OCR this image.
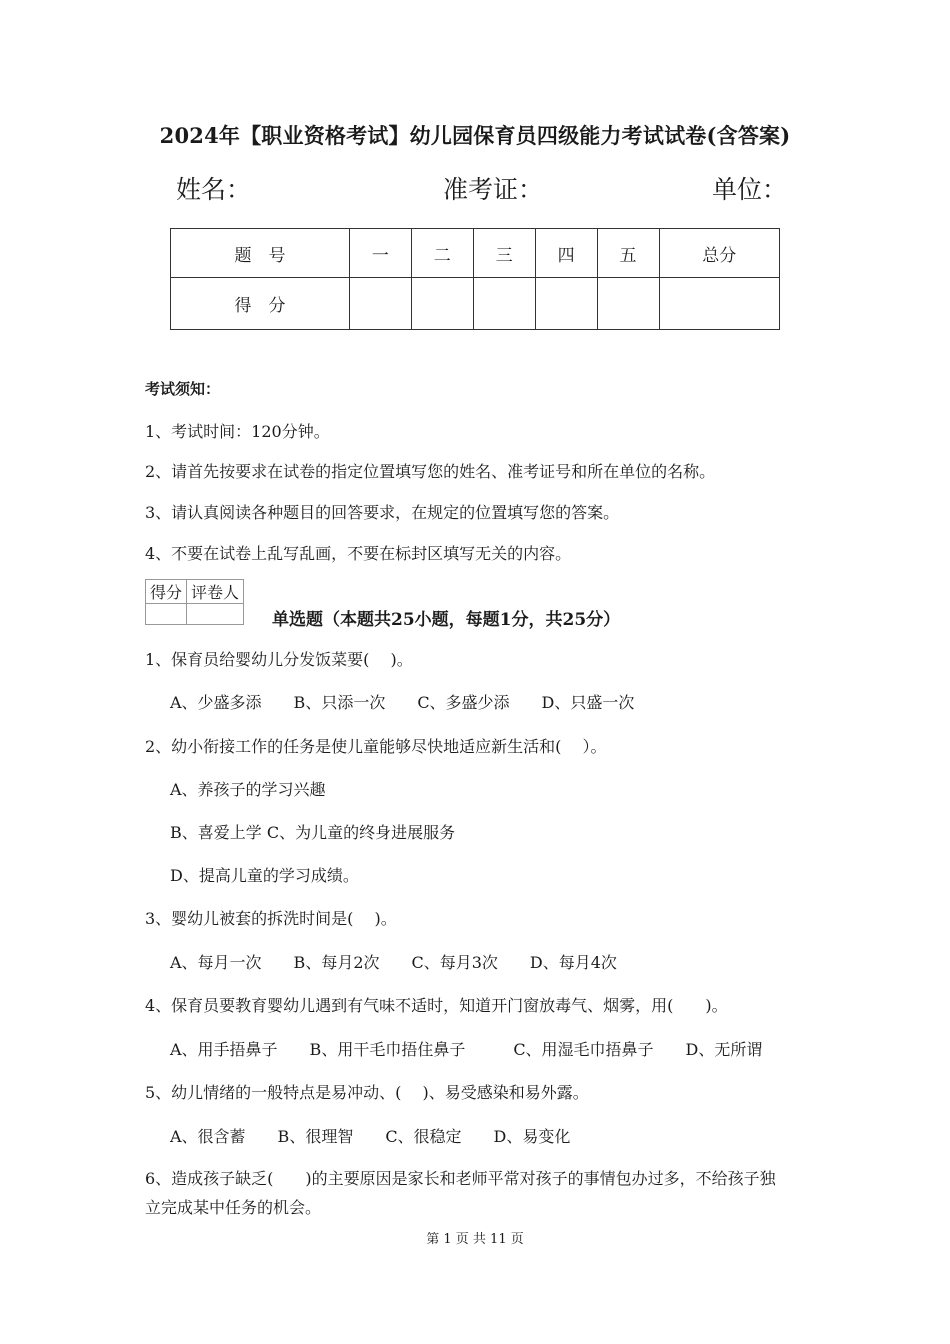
2024年【职业资格考试】幼儿园保育员四级能力考试试卷(含答案)
姓名：	准考证：	单位：
题　号	一	二	三	四	五	总分
得　分						
考试须知：
1、考试时间：120分钟。
2、请首先按要求在试卷的指定位置填写您的姓名、准考证号和所在单位的名称。
3、请认真阅读各种题目的回答要求，在规定的位置填写您的答案。
4、不要在试卷上乱写乱画，不要在标封区填写无关的内容。
得分	评卷人

单选题（本题共25小题，每题1分，共25分）
1、保育员给婴幼儿分发饭菜要(　 )。
A、少盛多添　　B、只添一次　　C、多盛少添　　D、只盛一次
2、幼小衔接工作的任务是使儿童能够尽快地适应新生活和(　 ）。
A、养孩子的学习兴趣
B、喜爱上学 C、为儿童的终身进展服务
D、提高儿童的学习成绩。
3、婴幼儿被套的拆洗时间是(　 )。
A、每月一次　　B、每月2次　　C、每月3次　　D、每月4次
4、保育员要教育婴幼儿遇到有气味不适时，知道开门窗放毒气、烟雾，用(　　)。
A、用手捂鼻子　　B、用干毛巾捂住鼻子　　　C、用湿毛巾捂鼻子　　D、无所谓
5、幼儿情绪的一般特点是易冲动、(　 )、易受感染和易外露。
A、很含蓄　　B、很理智　　C、很稳定　　D、易变化
6、造成孩子缺乏(　　)的主要原因是家长和老师平常对孩子的事情包办过多，不给孩子独
立完成某中任务的机会。
第 1 页 共 11 页
